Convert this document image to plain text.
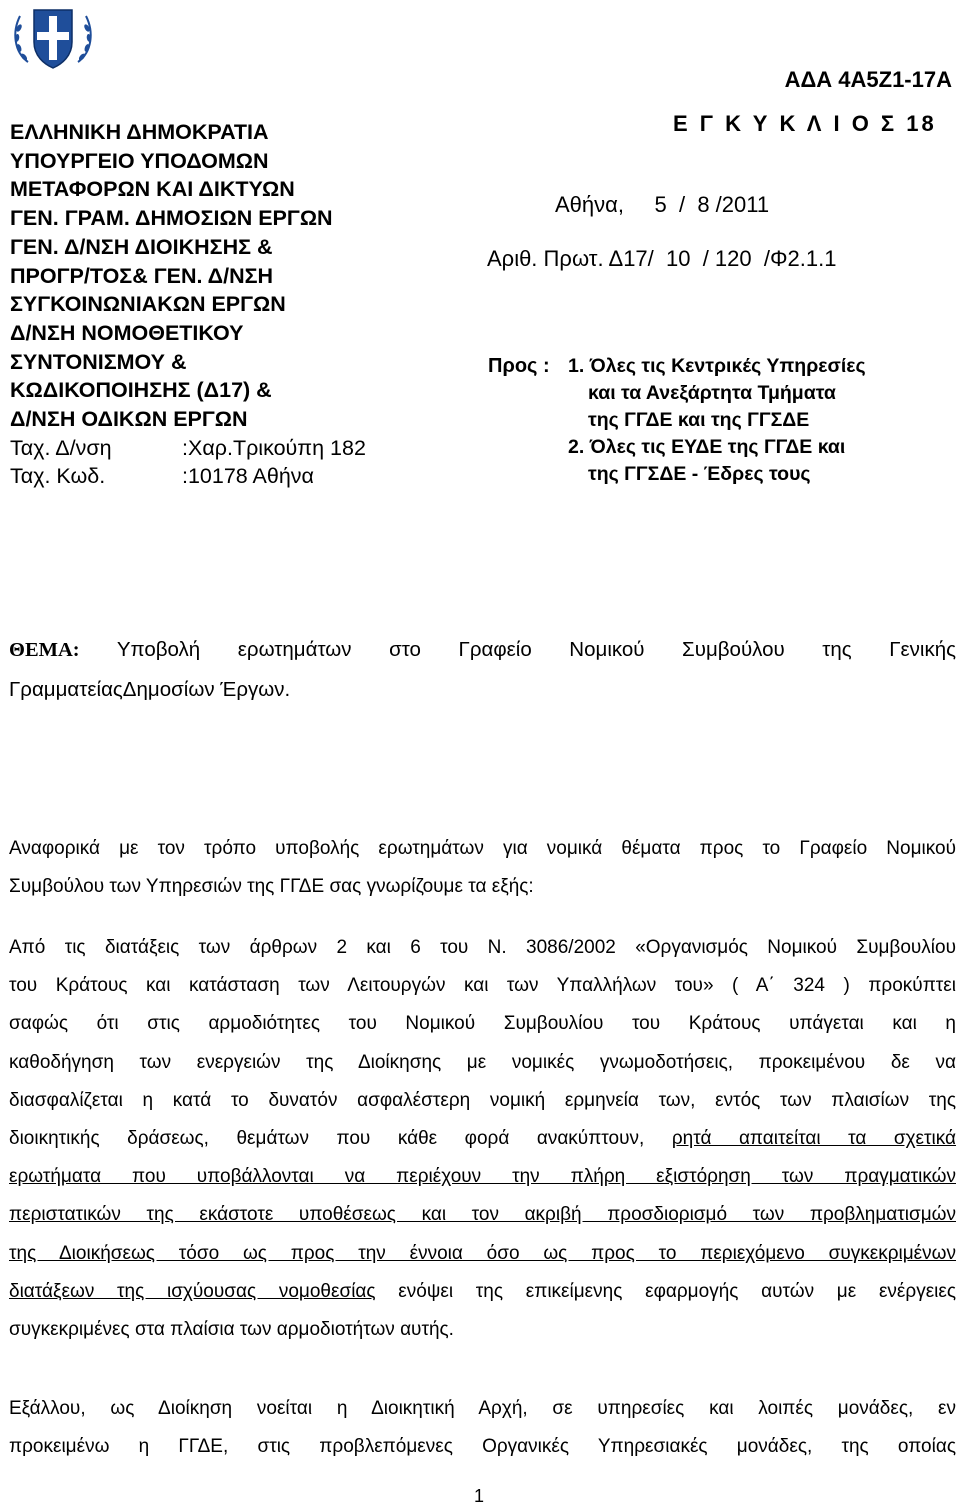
ΕΛΛΗΝΙΚΗ ΔΗΜΟΚΡΑΤΙΑ
ΥΠΟΥΡΓΕΙΟ ΥΠΟΔΟΜΩΝ
ΜΕΤΑΦΟΡΩΝ ΚΑΙ ΔΙΚΤΥΩΝ
ΓΕΝ. ΓΡΑΜ. ΔΗΜΟΣΙΩΝ ΕΡΓΩΝ
ΓΕΝ. Δ/ΝΣΗ ΔΙΟΙΚΗΣΗΣ &
ΠΡΟΓΡ/ΤΟΣ& ΓΕΝ. Δ/ΝΣΗ
ΣΥΓΚΟΙΝΩΝΙΑΚΩΝ ΕΡΓΩΝ
Δ/ΝΣΗ ΝΟΜΟΘΕΤΙΚΟΥ
ΣΥΝΤΟΝΙΣΜΟΥ &
ΚΩΔΙΚΟΠΟΙΗΣΗΣ (Δ17) &
Δ/ΝΣΗ ΟΔΙΚΩΝ ΕΡΓΩΝ
Ταχ. Δ/νση	:Χαρ.Τρικούπη 182
Ταχ. Κωδ.	:10178 Αθήνα
ΑΔΑ 4Α5Ζ1-17Α
Ε Γ Κ Υ Κ Λ Ι Ο Σ 18
Αθήνα,     5  /  8 /2011
Αριθ. Πρωτ. Δ17/  10  / 120  /Φ2.1.1
Προς : 1. Όλες τις Κεντρικές Υπηρεσίες
και τα Ανεξάρτητα Τμήματα
της ΓΓΔΕ και της ΓΓΣΔΕ
2. Όλες τις ΕΥΔΕ της ΓΓΔΕ και
της ΓΓΣΔΕ - Έδρες τους
ΘΕΜΑ: Υποβολή ερωτημάτων στο Γραφείο Νομικού Συμβούλου της Γενικής
ΓραμματείαςΔημοσίων Έργων.
Αναφορικά με τον τρόπο υποβολής ερωτημάτων για νομικά θέματα προς το Γραφείο Νομικού
Συμβούλου των Υπηρεσιών της ΓΓΔΕ σας γνωρίζουμε τα εξής:
Από τις διατάξεις των άρθρων 2 και 6 του Ν. 3086/2002 «Οργανισμός Νομικού Συμβουλίου
του Κράτους και κατάσταση των Λειτουργών και των Υπαλλήλων του» ( Α΄ 324 ) προκύπτει
σαφώς ότι στις αρμοδιότητες του Νομικού Συμβουλίου του Κράτους υπάγεται και η
καθοδήγηση των ενεργειών της Διοίκησης με νομικές γνωμοδοτήσεις, προκειμένου δε να
διασφαλίζεται η κατά το δυνατόν ασφαλέστερη νομική ερμηνεία των, εντός των πλαισίων της
διοικητικής δράσεως, θεμάτων που κάθε φορά ανακύπτουν, ρητά απαιτείται τα σχετικά
ερωτήματα που υποβάλλονται να περιέχουν την πλήρη εξιστόρηση των πραγματικών
περιστατικών της εκάστοτε υποθέσεως και τον ακριβή προσδιορισμό των προβληματισμών
της Διοικήσεως τόσο ως προς την έννοια όσο ως προς το περιεχόμενο συγκεκριμένων
διατάξεων της ισχύουσας νομοθεσίας ενόψει της επικείμενης εφαρμογής αυτών με ενέργειες
συγκεκριμένες στα πλαίσια των αρμοδιοτήτων αυτής.
Εξάλλου, ως Διοίκηση νοείται η Διοικητική Αρχή, σε υπηρεσίες και λοιπές μονάδες, εν
προκειμένω η ΓΓΔΕ, στις προβλεπόμενες Οργανικές Υπηρεσιακές μονάδες, της οποίας
1
